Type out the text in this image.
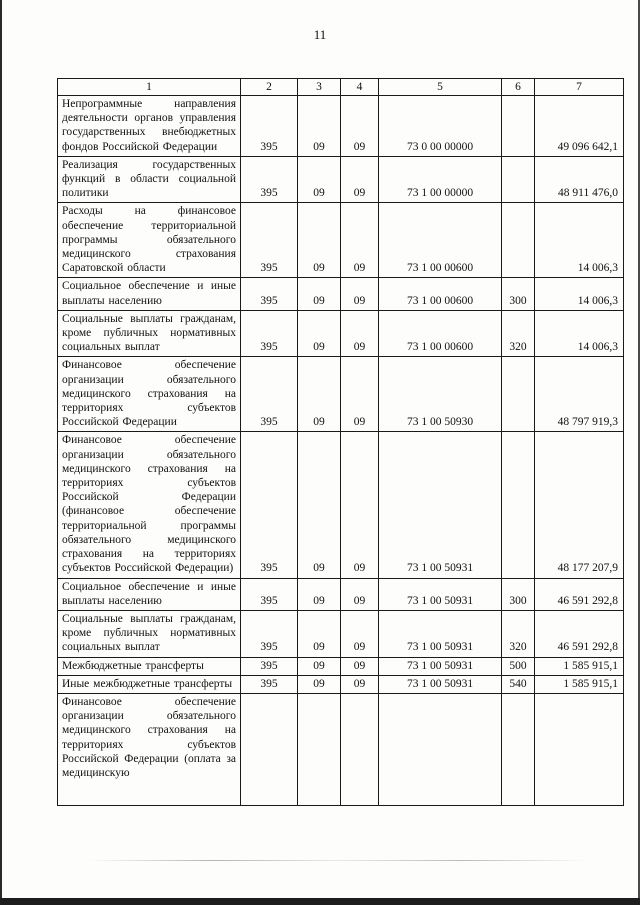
11
1	2	3	4	5	6	7
Непрограммные направления деятельности органов управления государственных внебюджетных фондов Российской Федерации	395	09	09	73 0 00 00000		49 096 642,1
Реализация государственных функций в области социальной политики	395	09	09	73 1 00 00000		48 911 476,0
Расходы на финансовое обеспечение территориальной программы обязательного медицинского страхования Саратовской области	395	09	09	73 1 00 00600		14 006,3
Социальное обеспечение и иные выплаты населению	395	09	09	73 1 00 00600	300	14 006,3
Социальные выплаты гражданам, кроме публичных нормативных социальных выплат	395	09	09	73 1 00 00600	320	14 006,3
Финансовое обеспечение организации обязательного медицинского страхования на территориях субъектов Российской Федерации	395	09	09	73 1 00 50930		48 797 919,3
Финансовое обеспечение организации обязательного медицинского страхования на территориях субъектов Российской Федерации (финансовое обеспечение территориальной программы обязательного медицинского страхования на территориях субъектов Российской Федерации)	395	09	09	73 1 00 50931		48 177 207,9
Социальное обеспечение и иные выплаты населению	395	09	09	73 1 00 50931	300	46 591 292,8
Социальные выплаты гражданам, кроме публичных нормативных социальных выплат	395	09	09	73 1 00 50931	320	46 591 292,8
Межбюджетные трансферты	395	09	09	73 1 00 50931	500	1 585 915,1
Иные межбюджетные трансферты	395	09	09	73 1 00 50931	540	1 585 915,1
Финансовое обеспечение организации обязательного медицинского страхования на территориях субъектов Российской Федерации (оплата за медицинскую						
